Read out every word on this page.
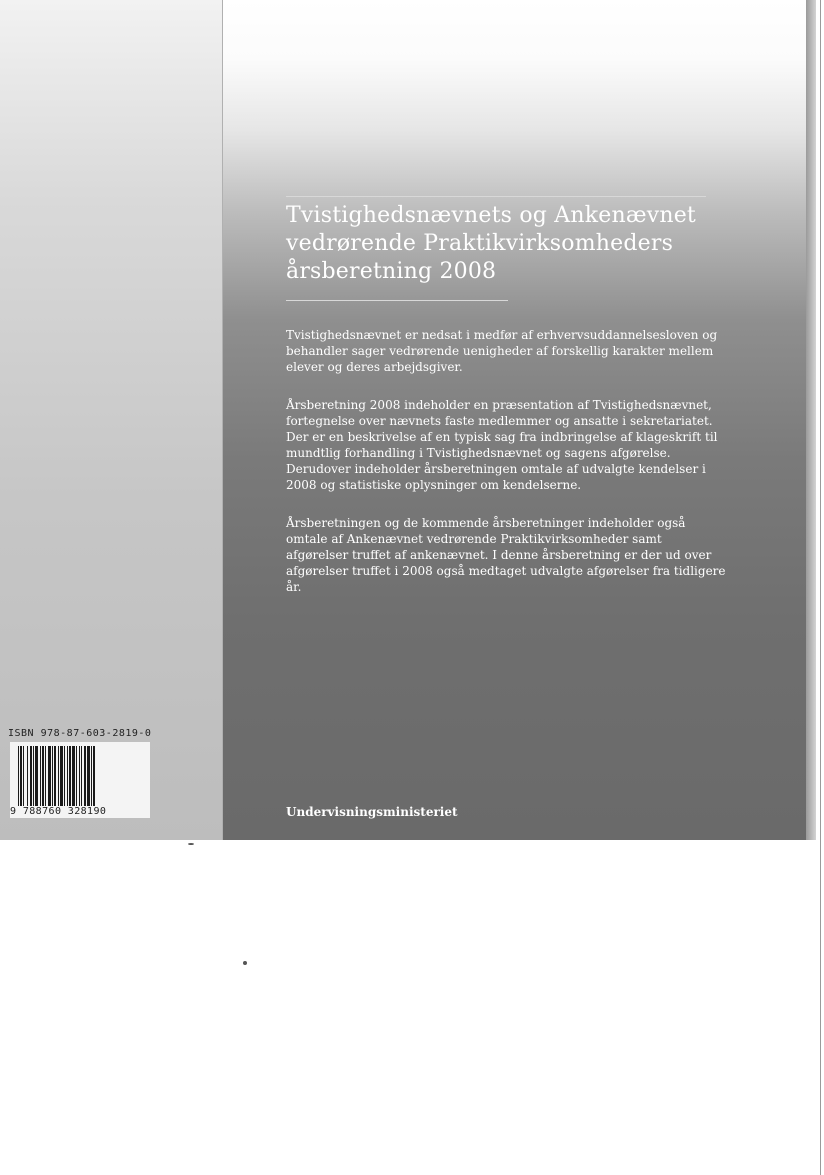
Tvistighedsnævnets og Ankenævnet vedrørende Praktikvirksomheders årsberetning 2008

Tvistighedsnævnet er nedsat i medfør af erhvervsuddannelsesloven og behandler sager vedrørende uenigheder af forskellig karakter mellem elever og deres arbejdsgiver.

Årsberetning 2008 indeholder en præsentation af Tvistighedsnævnet, fortegnelse over nævnets faste medlemmer og ansatte i sekretariatet. Der er en beskrivelse af en typisk sag fra indbringelse af klageskrift til mundtlig forhandling i Tvistighedsnævnet og sagens afgørelse. Derudover indeholder årsberetningen omtale af udvalgte kendelser i 2008 og statistiske oplysninger om kendelserne.

Årsberetningen og de kommende årsberetninger indeholder også omtale af Ankenævnet vedrørende Praktikvirksomheder samt afgørelser truffet af ankenævnet. I denne årsberetning er der ud over afgørelser truffet i 2008 også medtaget udvalgte afgørelser fra tidligere år.

Undervisningsministeriet
ISBN 978-87-603-2819-0
9 788760 328190
